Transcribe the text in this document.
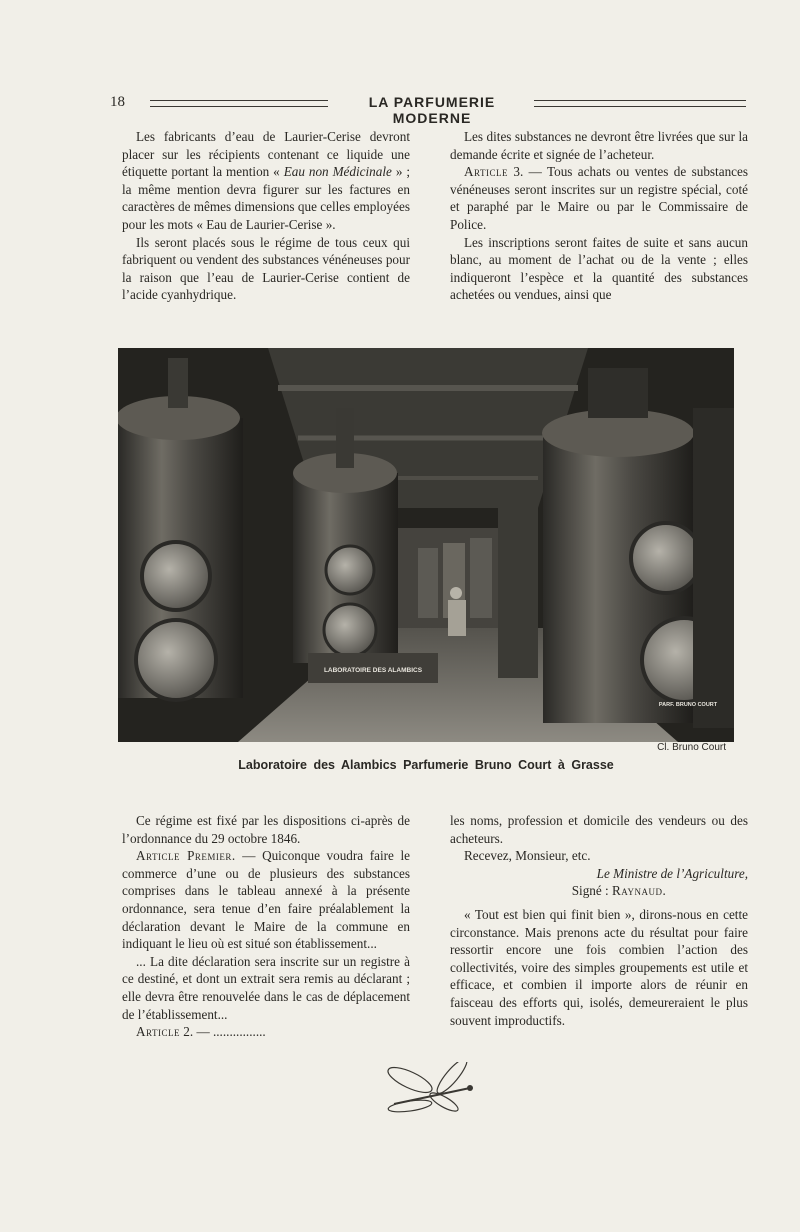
18	LA PARFUMERIE MODERNE

Les fabricants d’eau de Laurier-Cerise devront placer sur les récipients contenant ce liquide une étiquette portant la mention « Eau non Médicinale » ; la même mention devra figurer sur les factures en caractères de mêmes dimensions que celles employées pour les mots « Eau de Laurier-Cerise ».

Ils seront placés sous le régime de tous ceux qui fabriquent ou vendent des substances vénéneuses pour la raison que l’eau de Laurier-Cerise contient de l’acide cyanhydrique.

Les dites substances ne devront être livrées que sur la demande écrite et signée de l’acheteur.

Article 3. — Tous achats ou ventes de substances vénéneuses seront inscrites sur un registre spécial, coté et paraphé par le Maire ou par le Commissaire de Police.

Les inscriptions seront faites de suite et sans aucun blanc, au moment de l’achat ou de la vente ; elles indiqueront l’espèce et la quantité des substances achetées ou vendues, ainsi que

LABORATOIRE DES ALAMBICS
PARF. BRUNO COURT
Cl. Bruno Court
Laboratoire des Alambics Parfumerie Bruno Court à Grasse

Ce régime est fixé par les dispositions ci-après de l’ordonnance du 29 octobre 1846.

Article Premier. — Quiconque voudra faire le commerce d’une ou de plusieurs des substances comprises dans le tableau annexé à la présente ordonnance, sera tenue d’en faire préalablement la déclaration devant le Maire de la commune en indiquant le lieu où est situé son établissement...

... La dite déclaration sera inscrite sur un registre à ce destiné, et dont un extrait sera remis au déclarant ; elle devra être renouvelée dans le cas de déplacement de l’établissement...

Article 2. — ................

les noms, profession et domicile des vendeurs ou des acheteurs.

Recevez, Monsieur, etc.

Le Ministre de l’Agriculture,

Signé : Raynaud.

« Tout est bien qui finit bien », dirons-nous en cette circonstance. Mais prenons acte du résultat pour faire ressortir encore une fois combien l’action des collectivités, voire des simples groupements est utile et efficace, et combien il importe alors de réunir en faisceau des efforts qui, isolés, demeureraient le plus souvent improductifs.
